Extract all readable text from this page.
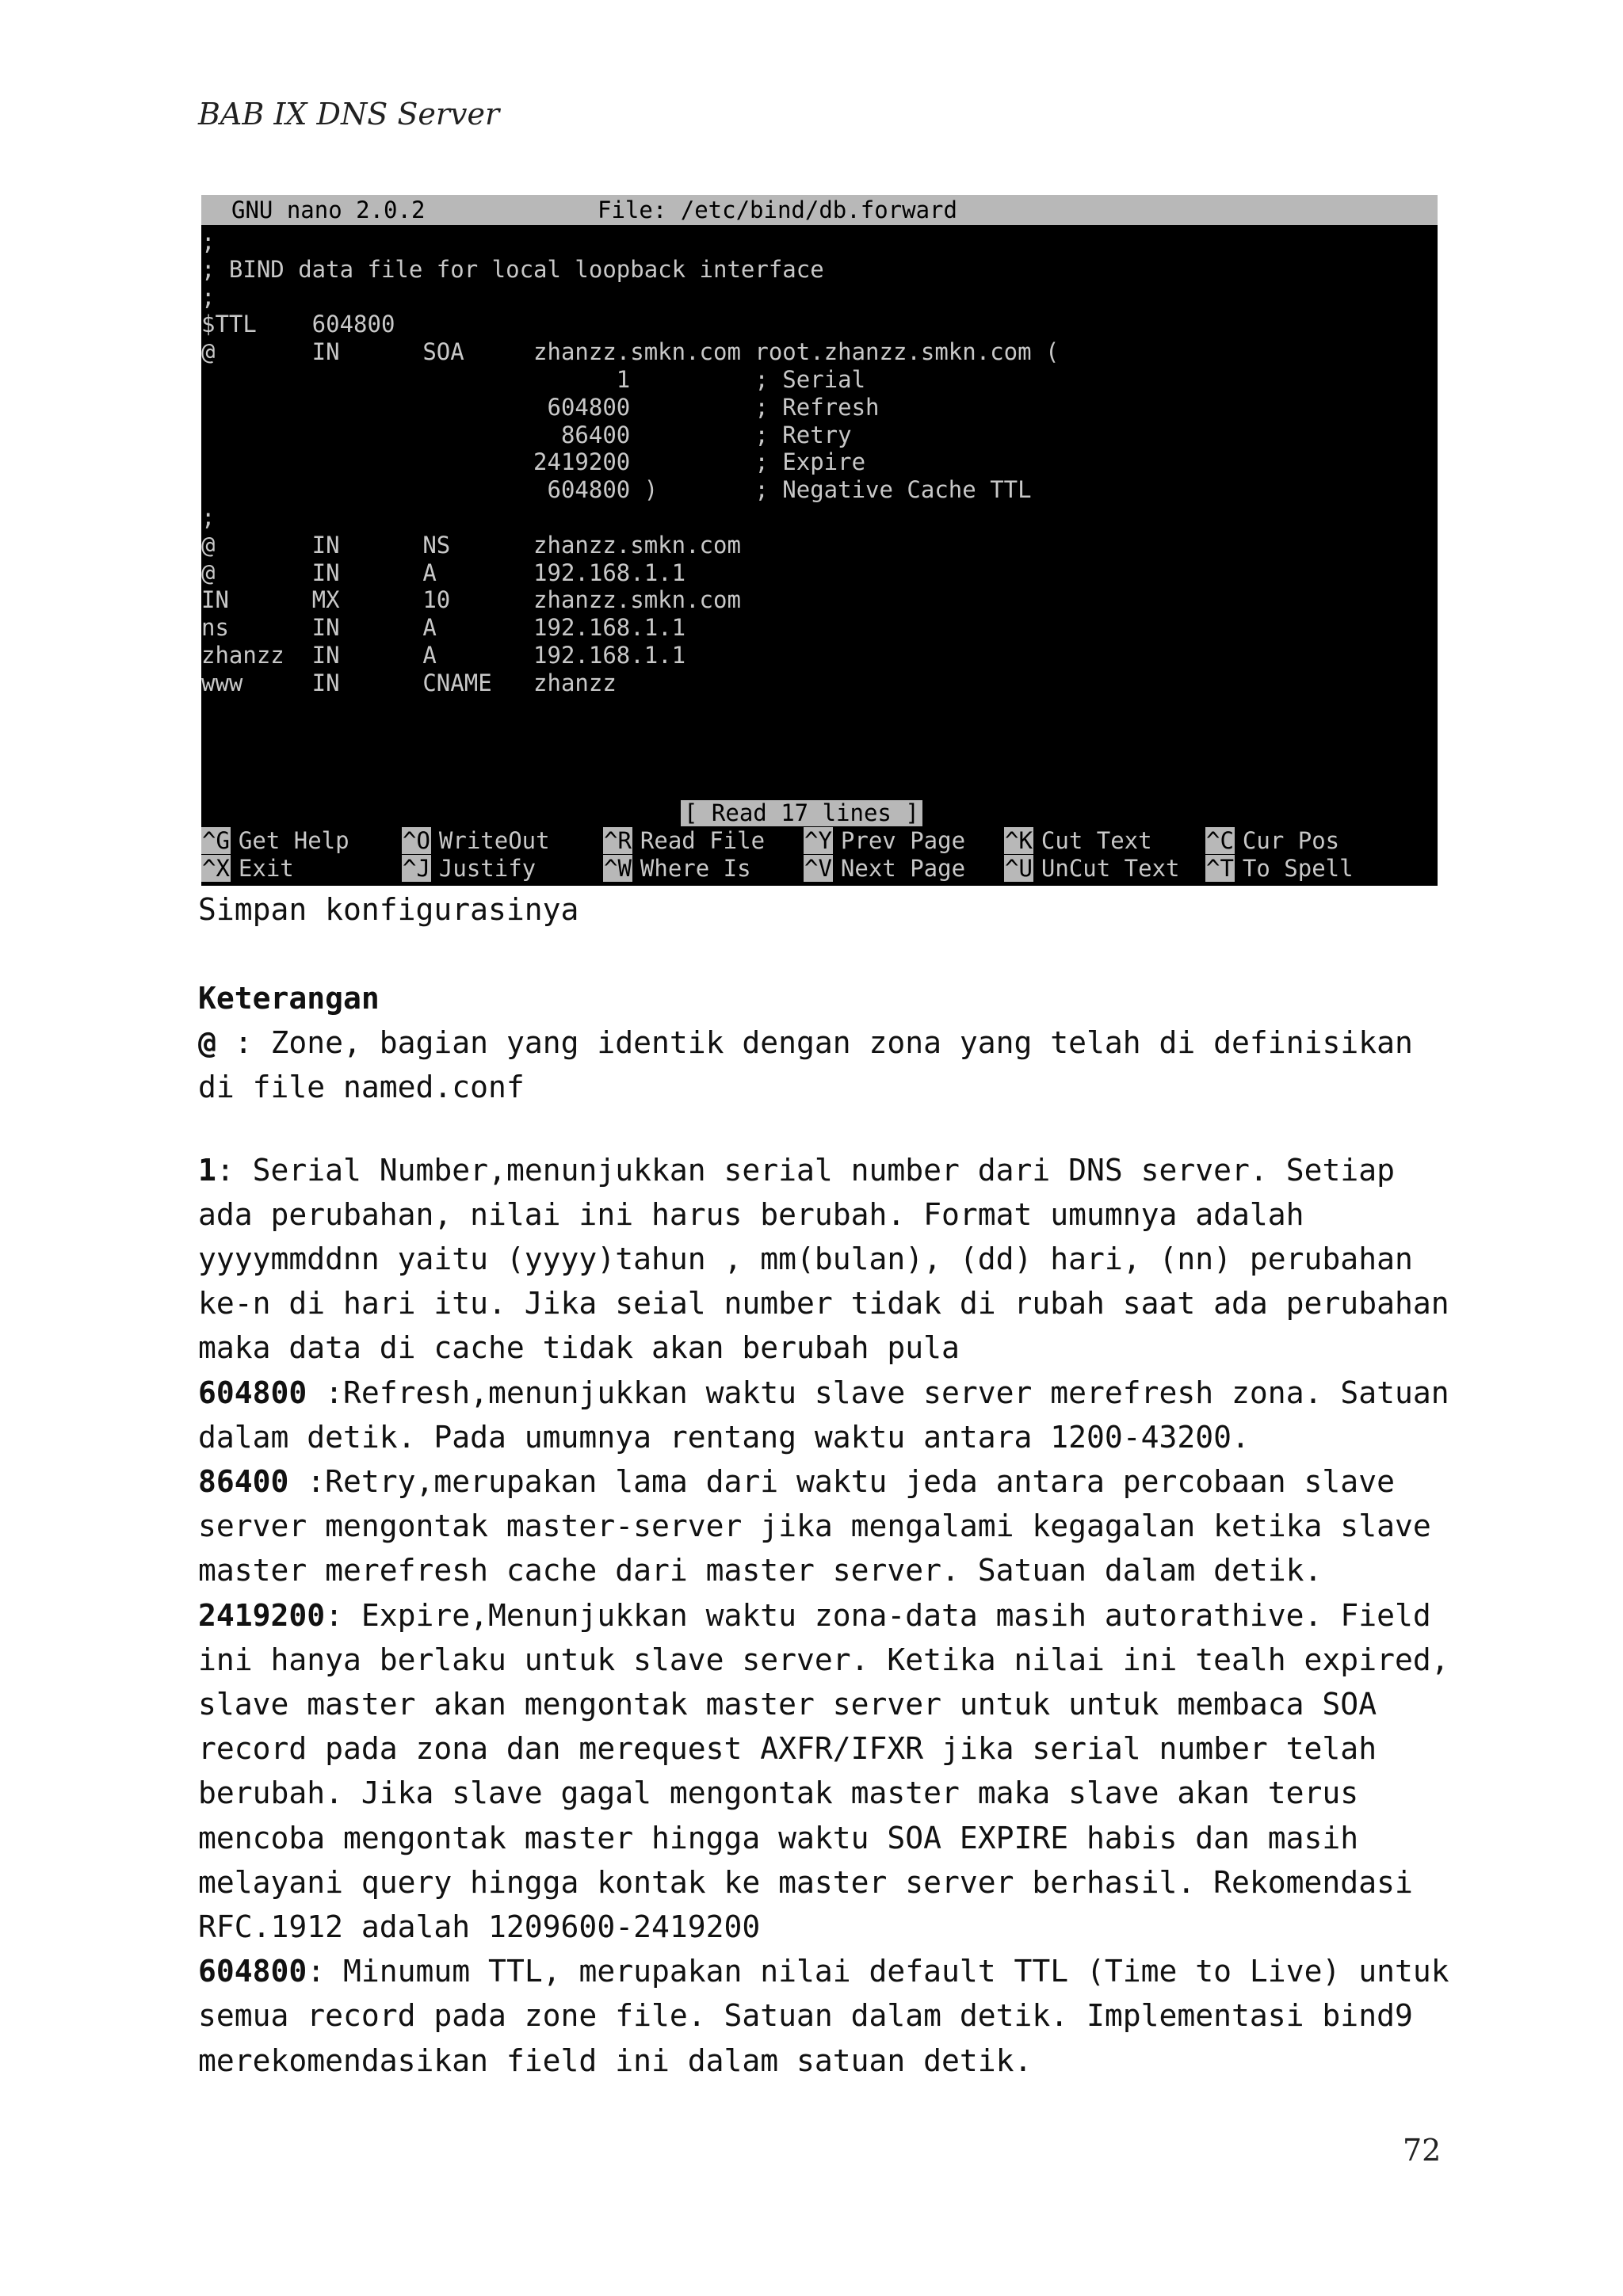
BAB IX DNS Server

GNU nano 2.0.2

	File: /etc/bind/db.forward

;
; BIND data file for local loopback interface
;
$TTL    604800
@       IN      SOA     zhanzz.smkn.com root.zhanzz.smkn.com (
1         ; Serial
604800         ; Refresh
86400         ; Retry
2419200         ; Expire
604800 )       ; Negative Cache TTL
;
@       IN      NS      zhanzz.smkn.com
@       IN      A       192.168.1.1
IN      MX      10      zhanzz.smkn.com
ns      IN      A       192.168.1.1
zhanzz  IN      A       192.168.1.1
www     IN      CNAME   zhanzz
[ Read 17 lines ]
^G Get Help ^O WriteOut ^R Read File ^Y Prev Page ^K Cut Text ^C Cur Pos
^X Exit	^J Justify	^W Where Is ^V Next Page ^U UnCut Text ^T To Spell
Simpan konfigurasinya

Keterangan

@ : Zone, bagian yang identik dengan zona yang telah di definisikan di file named.conf

1: Serial Number,menunjukkan serial number dari DNS server. Setiap ada perubahan, nilai ini harus berubah. Format umumnya adalah yyyymmddnn yaitu (yyyy)tahun , mm(bulan), (dd) hari, (nn) perubahan ke-n di hari itu. Jika seial number tidak di rubah saat ada perubahan maka data di cache tidak akan berubah pula

604800 :Refresh,menunjukkan waktu slave server merefresh zona. Satuan dalam detik. Pada umumnya rentang waktu antara 1200-43200.

86400 :Retry,merupakan lama dari waktu jeda antara percobaan slave server mengontak master-server jika mengalami kegagalan ketika slave master merefresh cache dari master server. Satuan dalam detik.

2419200: Expire,Menunjukkan waktu zona-data masih autorathive. Field ini hanya berlaku untuk slave server. Ketika nilai ini tealh expired, slave master akan mengontak master server untuk untuk membaca SOA record pada zona dan merequest AXFR/IFXR jika serial number telah berubah. Jika slave gagal mengontak master maka slave akan terus mencoba mengontak master hingga waktu SOA EXPIRE habis dan masih melayani query hingga kontak ke master server berhasil. Rekomendasi RFC.1912 adalah 1209600-2419200

604800: Minumum TTL, merupakan nilai default TTL (Time to Live) untuk semua record pada zone file. Satuan dalam detik. Implementasi bind9 merekomendasikan field ini dalam satuan detik.

72
